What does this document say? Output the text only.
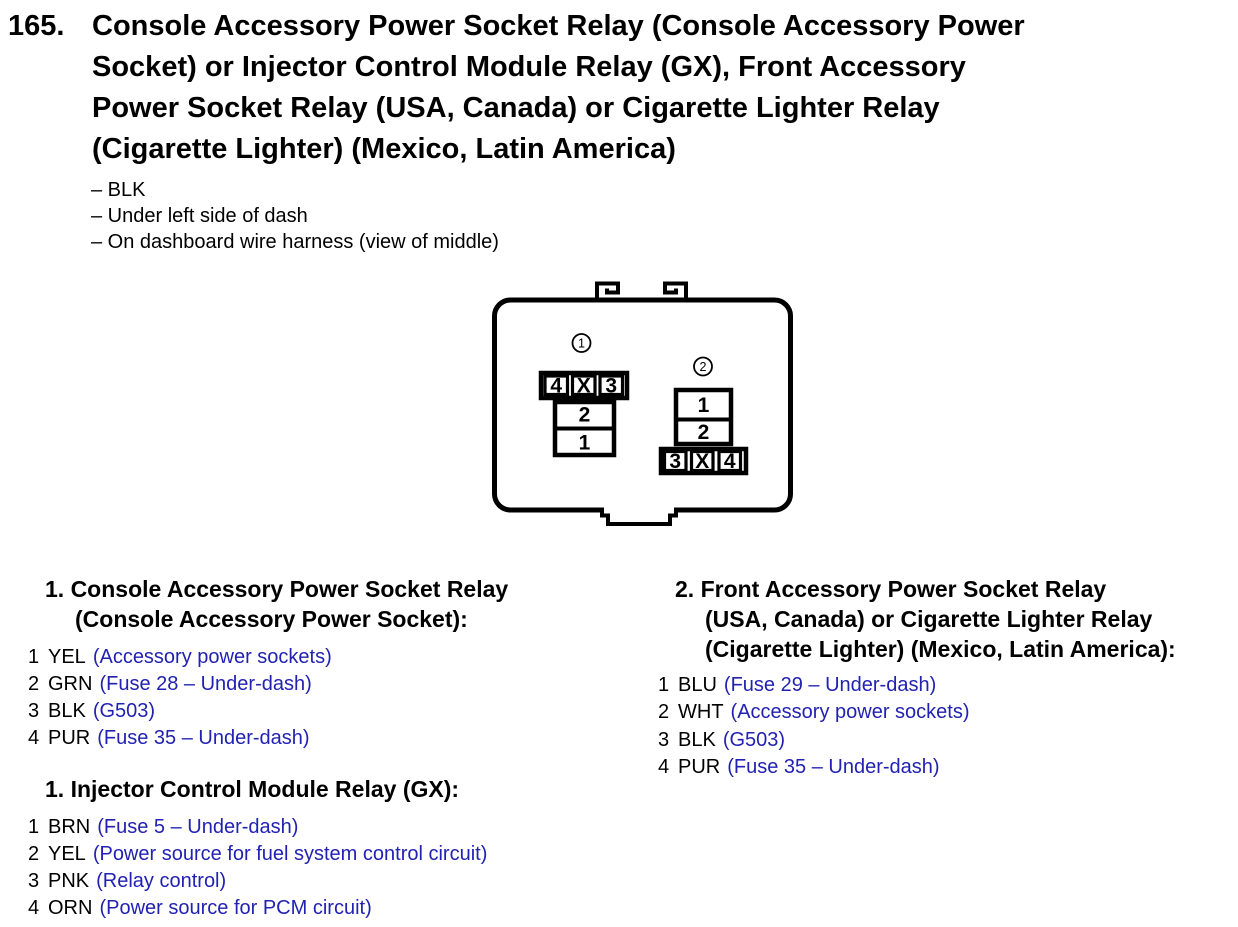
165. Console Accessory Power Socket Relay (Console Accessory Power
Socket) or Injector Control Module Relay (GX), Front Accessory
Power Socket Relay (USA, Canada) or Cigarette Lighter Relay
(Cigarette Lighter) (Mexico, Latin America)
– BLK
– Under left side of dash
– On dashboard wire harness (view of middle)
2
1
4 X 3
1
1
2
3 X 4
2
1. Console Accessory Power Socket Relay
(Console Accessory Power Socket):
1 YEL (Accessory power sockets)
2 GRN (Fuse 28 – Under-dash)
3 BLK (G503)
4 PUR (Fuse 35 – Under-dash)
1. Injector Control Module Relay (GX):
1 BRN (Fuse 5 – Under-dash)
2 YEL (Power source for fuel system control circuit)
3 PNK (Relay control)
4 ORN (Power source for PCM circuit)
2. Front Accessory Power Socket Relay
(USA, Canada) or Cigarette Lighter Relay
(Cigarette Lighter) (Mexico, Latin America):
1 BLU (Fuse 29 – Under-dash)
2 WHT (Accessory power sockets)
3 BLK (G503)
4 PUR (Fuse 35 – Under-dash)
